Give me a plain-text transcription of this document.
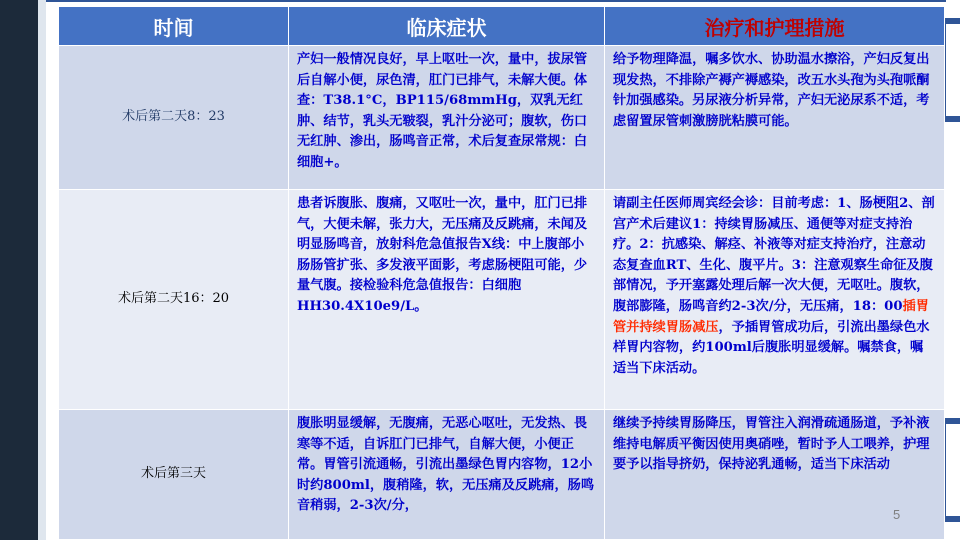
时间	临床症状	治疗和护理措施
术后第二天8：23	产妇一般情况良好，早上呕吐一次，量中，拔尿管后自解小便，尿色清，肛门已排气，未解大便。体查：T38.1°C，BP115/68mmHg，双乳无红肿、结节，乳头无皲裂，乳汁分泌可；腹软，伤口无红肿、渗出，肠鸣音正常，术后复查尿常规：白细胞+。	给予物理降温，嘱多饮水、协助温水擦浴，产妇反复出现发热，不排除产褥产褥感染，改五水头孢为头孢哌酮针加强感染。另尿液分析异常，产妇无泌尿系不适，考虑留置尿管刺激膀胱粘膜可能。
术后第二天16：20	患者诉腹胀、腹痛，又呕吐一次，量中，肛门已排气，大便未解，张力大，无压痛及反跳痛，未闻及明显肠鸣音，放射科危急值报告X线：中上腹部小肠肠管扩张、多发液平面影，考虑肠梗阻可能，少量气腹。接检验科危急值报告：白细胞HH30.4X10e9/L。	请副主任医师周宾经会诊：目前考虑：1、肠梗阻2、剖宫产术后建议1：持续胃肠减压、通便等对症支持治疗。2：抗感染、解痉、补液等对症支持治疗，注意动态复查血RT、生化、腹平片。3：注意观察生命征及腹部情况，予开塞露处理后解一次大便，无呕吐。腹软，腹部膨隆，肠鸣音约2-3次/分，无压痛，18：00插胃管并持续胃肠减压，予插胃管成功后，引流出墨绿色水样胃内容物，约100ml后腹胀明显缓解。嘱禁食，嘱适当下床活动。
术后第三天	腹胀明显缓解，无腹痛，无恶心呕吐，无发热、畏寒等不适，自诉肛门已排气，自解大便，小便正常。胃管引流通畅，引流出墨绿色胃内容物，12小时约800ml，腹稍隆，软，无压痛及反跳痛，肠鸣音稍弱，2-3次/分，	继续予持续胃肠降压，胃管注入润滑疏通肠道，予补液维持电解质平衡因使用奥硝唑，暂时予人工喂养，护理要予以指导挤奶，保持泌乳通畅，适当下床活动
5
